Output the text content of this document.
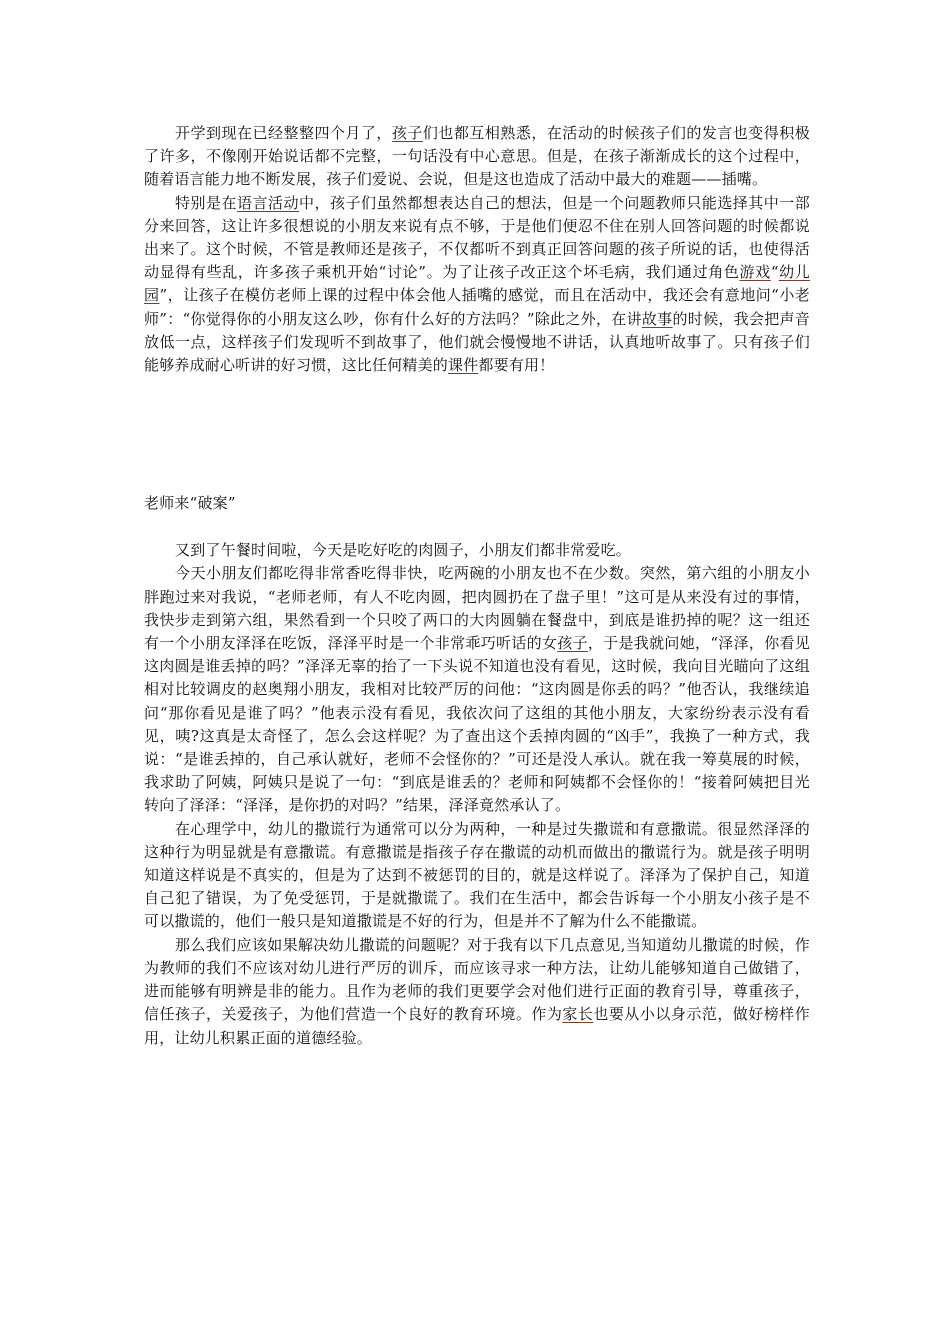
开学到现在已经整整四个月了，孩子们也都互相熟悉，在活动的时候孩子们的发言也变得积极了许多，不像刚开始说话都不完整，一句话没有中心意思。但是，在孩子渐渐成长的这个过程中，随着语言能力地不断发展，孩子们爱说、会说，但是这也造成了活动中最大的难题——插嘴。

特别是在语言活动中，孩子们虽然都想表达自己的想法，但是一个问题教师只能选择其中一部分来回答，这让许多很想说的小朋友来说有点不够，于是他们便忍不住在别人回答问题的时候都说出来了。这个时候，不管是教师还是孩子，不仅都听不到真正回答问题的孩子所说的话，也使得活动显得有些乱，许多孩子乘机开始“讨论”。为了让孩子改正这个坏毛病，我们通过角色游戏“幼儿园”，让孩子在模仿老师上课的过程中体会他人插嘴的感觉，而且在活动中，我还会有意地问“小老师”：“你觉得你的小朋友这么吵，你有什么好的方法吗？”除此之外，在讲故事的时候，我会把声音放低一点，这样孩子们发现听不到故事了，他们就会慢慢地不讲话，认真地听故事了。只有孩子们能够养成耐心听讲的好习惯，这比任何精美的课件都要有用！

老师来“破案”

又到了午餐时间啦，今天是吃好吃的肉圆子，小朋友们都非常爱吃。

今天小朋友们都吃得非常香吃得非快，吃两碗的小朋友也不在少数。突然，第六组的小朋友小胖跑过来对我说，“老师老师，有人不吃肉圆，把肉圆扔在了盘子里！”这可是从来没有过的事情，我快步走到第六组，果然看到一个只咬了两口的大肉圆躺在餐盘中，到底是谁扔掉的呢？这一组还有一个小朋友泽泽在吃饭，泽泽平时是一个非常乖巧听话的女孩子，于是我就问她，“泽泽，你看见这肉圆是谁丢掉的吗？”泽泽无辜的抬了一下头说不知道也没有看见，这时候，我向目光瞄向了这组相对比较调皮的赵奥翔小朋友，我相对比较严厉的问他：“这肉圆是你丢的吗？”他否认，我继续追问“那你看见是谁了吗？”他表示没有看见，我依次问了这组的其他小朋友，大家纷纷表示没有看见，咦?这真是太奇怪了，怎么会这样呢？为了查出这个丢掉肉圆的“凶手”，我换了一种方式，我说：“是谁丢掉的，自己承认就好，老师不会怪你的？”可还是没人承认。就在我一筹莫展的时候，我求助了阿姨，阿姨只是说了一句：“到底是谁丢的？老师和阿姨都不会怪你的！“接着阿姨把目光转向了泽泽：“泽泽，是你扔的对吗？”结果，泽泽竟然承认了。

在心理学中，幼儿的撒谎行为通常可以分为两种，一种是过失撒谎和有意撒谎。很显然泽泽的这种行为明显就是有意撒谎。有意撒谎是指孩子存在撒谎的动机而做出的撒谎行为。就是孩子明明知道这样说是不真实的，但是为了达到不被惩罚的目的，就是这样说了。泽泽为了保护自己，知道自己犯了错误，为了免受惩罚，于是就撒谎了。我们在生活中，都会告诉每一个小朋友小孩子是不可以撒谎的，他们一般只是知道撒谎是不好的行为，但是并不了解为什么不能撒谎。

那么我们应该如果解决幼儿撒谎的问题呢？对于我有以下几点意见,当知道幼儿撒谎的时候，作为教师的我们不应该对幼儿进行严厉的训斥，而应该寻求一种方法，让幼儿能够知道自己做错了，进而能够有明辨是非的能力。且作为老师的我们更要学会对他们进行正面的教育引导，尊重孩子，信任孩子，关爱孩子，为他们营造一个良好的教育环境。作为家长也要从小以身示范，做好榜样作用，让幼儿积累正面的道德经验。
